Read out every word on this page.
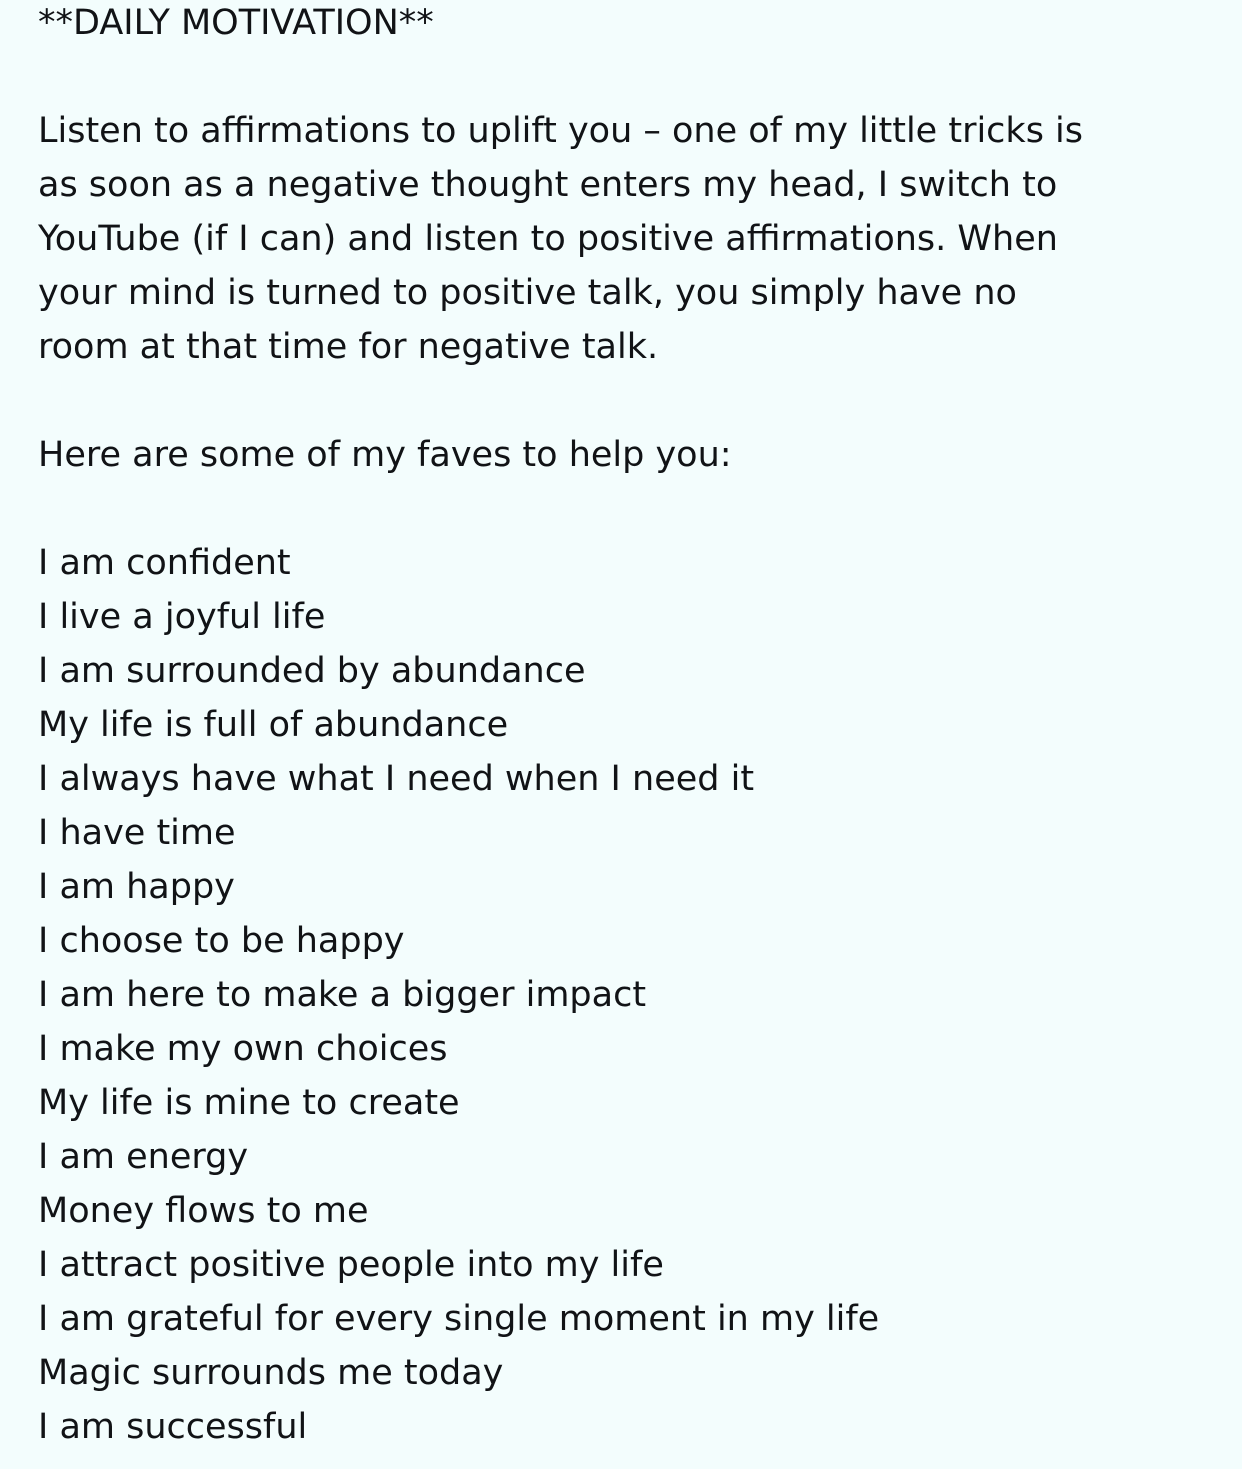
**DAILY MOTIVATION**

Listen to affirmations to uplift you – one of my little tricks is
as soon as a negative thought enters my head, I switch to
YouTube (if I can) and listen to positive affirmations. When
your mind is turned to positive talk, you simply have no
room at that time for negative talk.

Here are some of my faves to help you:

I am confident
I live a joyful life
I am surrounded by abundance
My life is full of abundance
I always have what I need when I need it
I have time
I am happy
I choose to be happy
I am here to make a bigger impact
I make my own choices
My life is mine to create
I am energy
Money flows to me
I attract positive people into my life
I am grateful for every single moment in my life
Magic surrounds me today
I am successful
